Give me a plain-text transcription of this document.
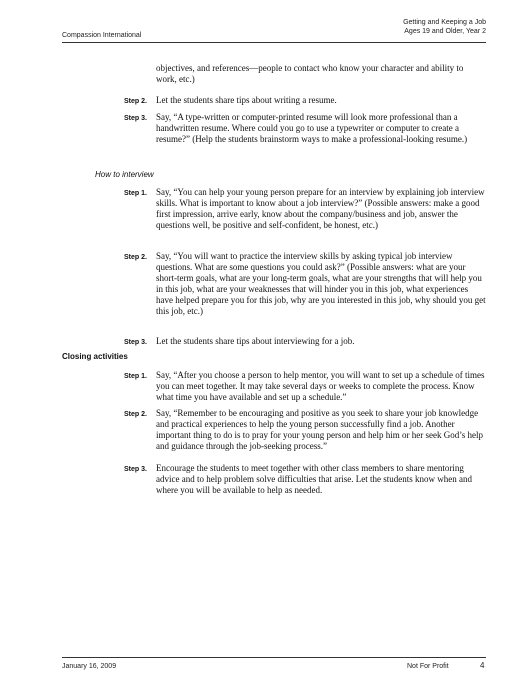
Compassion International
Getting and Keeping a Job
Ages 19 and Older, Year 2
objectives, and references—people to contact who know your character and ability to work, etc.)
Step 2. Let the students share tips about writing a resume.
Step 3. Say, “A type-written or computer-printed resume will look more professional than a handwritten resume. Where could you go to use a typewriter or computer to create a resume?” (Help the students brainstorm ways to make a professional-looking resume.)
How to interview
Step 1. Say, “You can help your young person prepare for an interview by explaining job interview skills. What is important to know about a job interview?” (Possible answers: make a good first impression, arrive early, know about the company/business and job, answer the questions well, be positive and self-confident, be honest, etc.)
Step 2. Say, “You will want to practice the interview skills by asking typical job interview questions. What are some questions you could ask?” (Possible answers: what are your short-term goals, what are your long-term goals, what are your strengths that will help you in this job, what are your weaknesses that will hinder you in this job, what experiences have helped prepare you for this job, why are you interested in this job, why should you get this job, etc.)
Step 3. Let the students share tips about interviewing for a job.
Closing activities
Step 1. Say, “After you choose a person to help mentor, you will want to set up a schedule of times you can meet together. It may take several days or weeks to complete the process. Know what time you have available and set up a schedule.”
Step 2. Say, “Remember to be encouraging and positive as you seek to share your job knowledge and practical experiences to help the young person successfully find a job. Another important thing to do is to pray for your young person and help him or her seek God’s help and guidance through the job-seeking process.”
Step 3. Encourage the students to meet together with other class members to share mentoring advice and to help problem solve difficulties that arise. Let the students know when and where you will be available to help as needed.
January 16, 2009	Not For Profit	4
